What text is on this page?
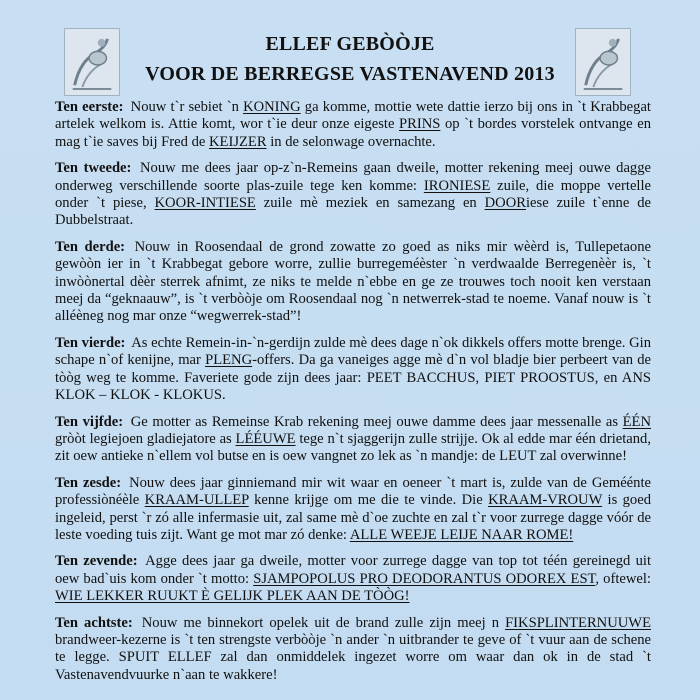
ELLEF GEBÒÒJE
VOOR DE BERREGSE VASTENAVEND 2013

Ten eerste: Nouw t`r sebiet `n KONING ga komme, mottie wete dattie ierzo bij ons in `t Krabbegat artelek welkom is. Attie komt, wor t`ie deur onze eigeste PRINS op `t bordes vorstelek ontvange en mag t`ie saves bij Fred de KEIJZER in de selonwage overnachte.

Ten tweede: Nouw me dees jaar op-z`n-Remeins gaan dweile, motter rekening meej ouwe dagge onderweg verschillende soorte plas-zuile tege ken komme: IRONIESE zuile, die moppe vertelle onder `t piese, KOOR-INTIESE zuile mè meziek en samezang en DOORiese zuile t`enne de Dubbelstraat.

Ten derde: Nouw in Roosendaal de grond zowatte zo goed as niks mir wèèrd is, Tullepetaone gewòòn ier in `t Krabbegat gebore worre, zullie burregeméèster `n verdwaalde Berregenèèr is, `t inwòònertal dèèr sterrek afnimt, ze niks te melde n`ebbe en ge ze trouwes toch nooit ken verstaan meej da “geknaauw”, is `t verbòòje om Roosendaal nog `n netwerrek-stad te noeme. Vanaf nouw is `t alléèneg nog mar onze “wegwerrek-stad”!

Ten vierde: As echte Remein-in-`n-gerdijn zulde mè dees dage n`ok dikkels offers motte brenge. Gin schape n`of kenijne, mar PLENG-offers. Da ga vaneiges agge mè d`n vol bladje bier perbeert van de tòòg weg te komme. Faveriete gode zijn dees jaar: PEET BACCHUS, PIET PROOSTUS, en ANS KLOK – KLOK - KLOKUS.

Ten vijfde: Ge motter as Remeinse Krab rekening meej ouwe damme dees jaar messenalle as ÉÉN gròòt legiejoen gladiejatore as LÉÉUWE tege n`t sjaggerijn zulle strijje. Ok al edde mar één drietand, zit oew antieke n`ellem vol butse en is oew vangnet zo lek as `n mandje: de LEUT zal overwinne!

Ten zesde: Nouw dees jaar ginniemand mir wit waar en oeneer `t mart is, zulde van de Geméénte professiònéèle KRAAM-ULLEP kenne krijge om me die te vinde. Die KRAAM-VROUW is goed ingeleid, perst `r zó alle infermasie uit, zal same mè d`oe zuchte en zal t`r voor zurrege dagge vóór de leste voeding tuis zijt. Want ge mot mar zó denke: ALLE WEEJE LEIJE NAAR ROME!

Ten zevende: Agge dees jaar ga dweile, motter voor zurrege dagge van top tot téén gereinegd uit oew bad`uis kom onder `t motto: SJAMPOPOLUS PRO DEODORANTUS ODOREX EST, oftewel: WIE LEKKER RUUKT È GELIJK PLEK AAN DE TÒÒG!

Ten achtste: Nouw me binnekort opelek uit de brand zulle zijn meej n FIKSPLINTERNUUWE brandweer-kezerne is `t ten strengste verbòòje `n ander `n uitbrander te geve of `t vuur aan de schene te legge. SPUIT ELLEF zal dan onmiddelek ingezet worre om waar dan ok in de stad `t Vastenavendvuurke n`aan te wakkere!
